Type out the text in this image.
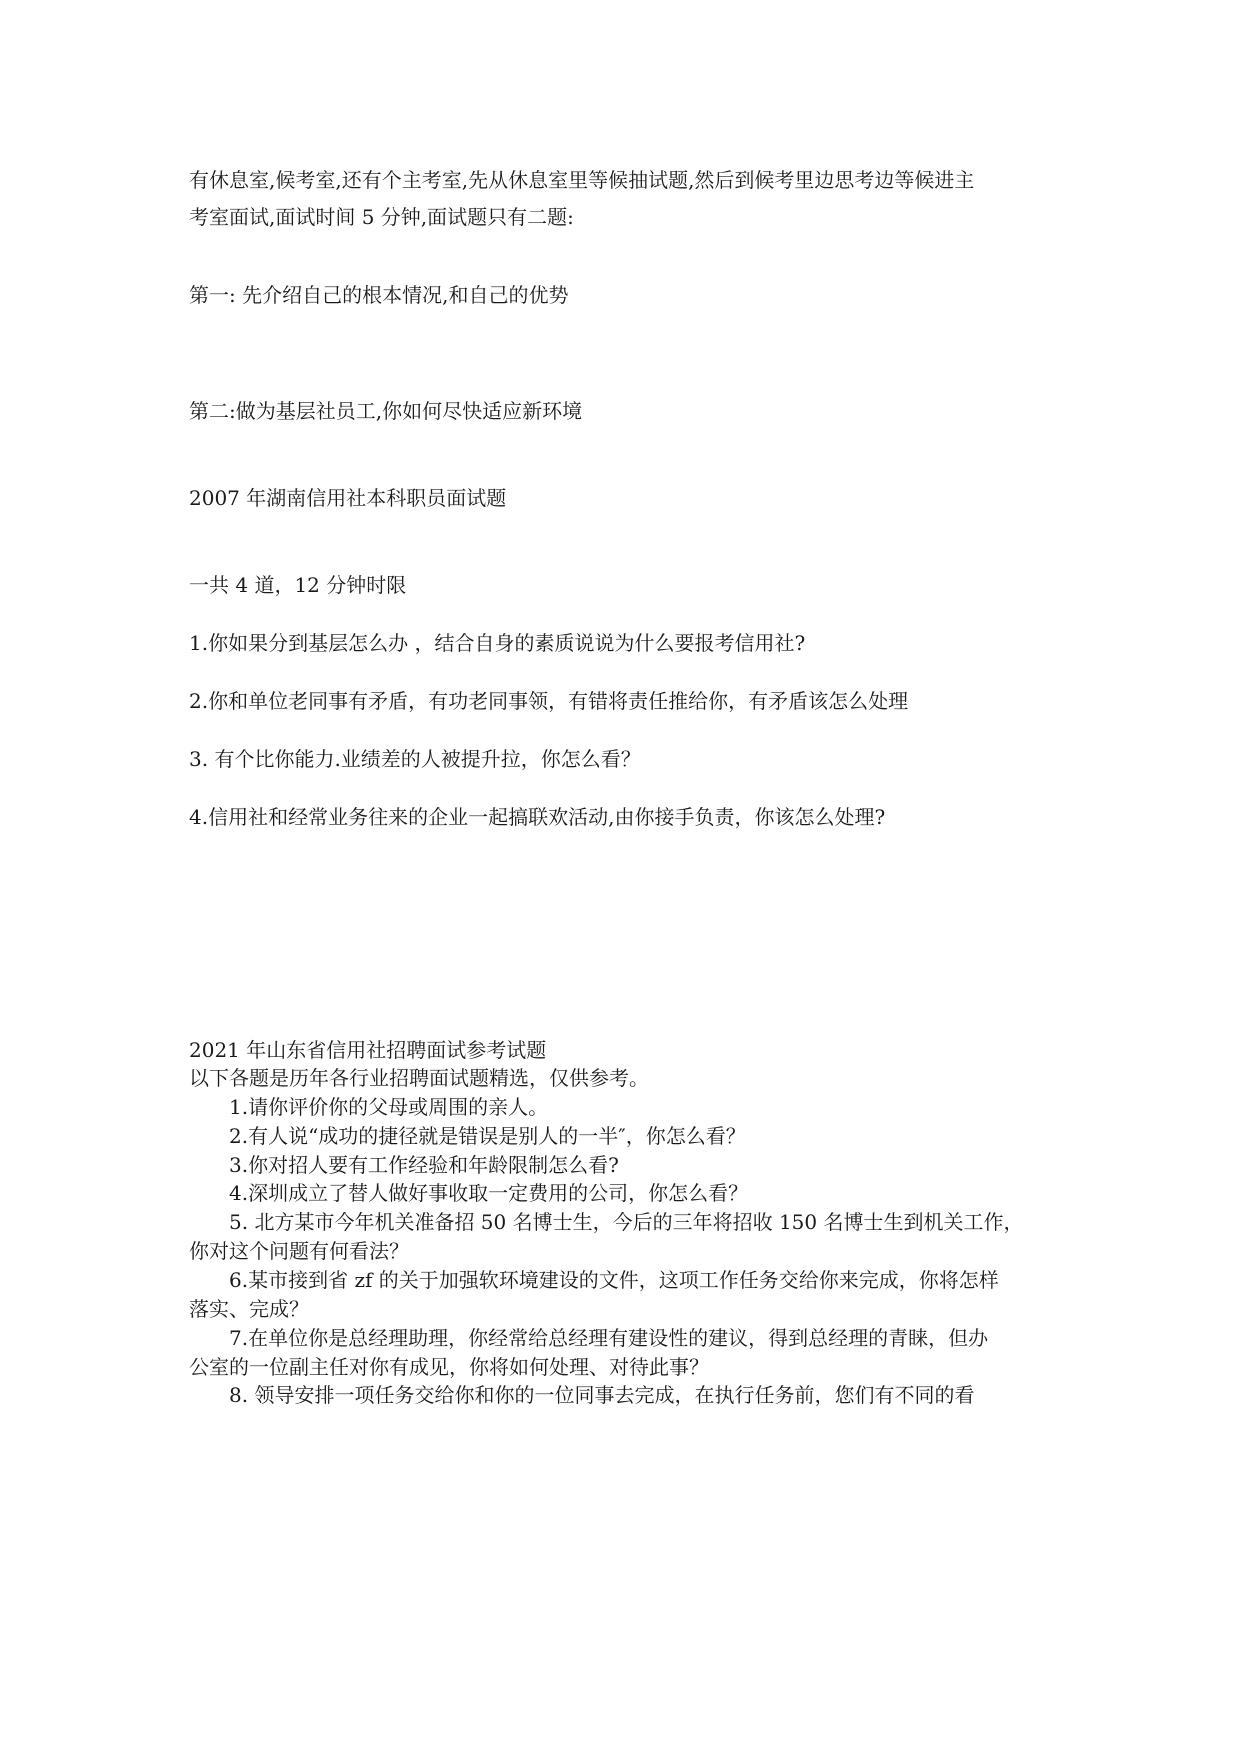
有休息室,候考室,还有个主考室,先从休息室里等候抽试题,然后到候考里边思考边等候进主

考室面试,面试时间 5 分钟,面试题只有二题:

第一: 先介绍自己的根本情况,和自己的优势

第二:做为基层社员工,你如何尽快适应新环境

2007 年湖南信用社本科职员面试题

一共 4 道，12 分钟时限

1.你如果分到基层怎么办 ，结合自身的素质说说为什么要报考信用社?

2.你和单位老同事有矛盾，有功老同事领，有错将责任推给你，有矛盾该怎么处理

3. 有个比你能力.业绩差的人被提升拉，你怎么看？

4.信用社和经常业务往来的企业一起搞联欢活动,由你接手负责，你该怎么处理?

2021 年山东省信用社招聘面试参考试题

以下各题是历年各行业招聘面试题精选，仅供参考。

1.请你评价你的父母或周围的亲人。

2.有人说“成功的捷径就是错误是别人的一半″，你怎么看？

3.你对招人要有工作经验和年龄限制怎么看?

4.深圳成立了替人做好事收取一定费用的公司，你怎么看？

5. 北方某市今年机关准备招 50 名博士生，今后的三年将招收 150 名博士生到机关工作，

你对这个问题有何看法？

6.某市接到省 zf 的关于加强软环境建设的文件，这项工作任务交给你来完成，你将怎样

落实、完成？

7.在单位你是总经理助理，你经常给总经理有建设性的建议，得到总经理的青睐，但办

公室的一位副主任对你有成见，你将如何处理、对待此事？

8. 领导安排一项任务交给你和你的一位同事去完成，在执行任务前，您们有不同的看
